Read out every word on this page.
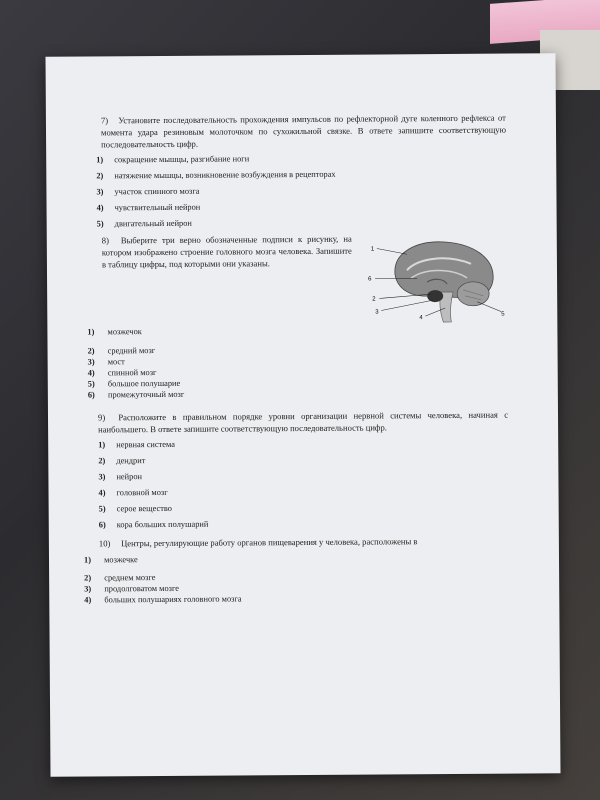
7) Установите последовательность прохождения импульсов по рефлекторной дуге коленного рефлекса от момента удара резиновым молоточком по сухожильной связке. В ответе запишите соответствующую последовательность цифр.

1) сокращение мышцы, разгибание ноги
2) натяжение мышцы, возникновение возбуждения в рецепторах
3) участок спинного мозга
4) чувствительный нейрон
5) двигательный нейрон

8) Выберите три верно обозначенные подписи к рисунку, на котором изображено строение головного мозга человека. Запишите в таблицу цифры, под которыми они указаны.

1
6
2
3
4
5
1) мозжечок
2) средний мозг
3) мост
4) спинной мозг
5) большое полушарие
6) промежуточный мозг

9) Расположите в правильном порядке уровни организации нервной системы человека, начиная с наибольшего. В ответе запишите соответствующую последовательность цифр.

1) нервная система
2) дендрит
3) нейрон
4) головной мозг
5) серое вещество
6) кора больших полушарий

10) Центры, регулирующие работу органов пищеварения у человека, расположены в

1) мозжечке
2) среднем мозге
3) продолговатом мозге
4) больших полушариях головного мозга
